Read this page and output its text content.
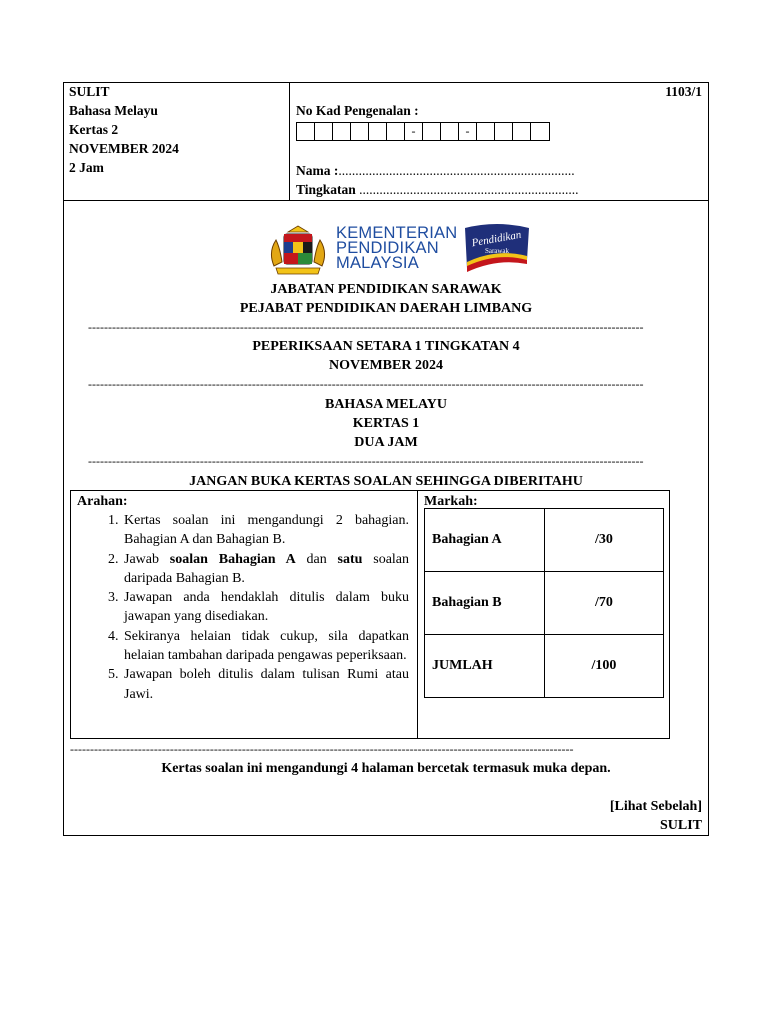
SULIT
Bahasa Melayu
Kertas 2
NOVEMBER 2024
2 Jam
1103/1
No Kad Pengenalan :
-	-
Nama :......................................................................
Tingkatan .................................................................
KEMENTERIAN
PENDIDIKAN
MALAYSIA
Pendidikan
Sarawak
JABATAN PENDIDIKAN SARAWAK
PEJABAT PENDIDIKAN DAERAH LIMBANG
-------------------------------------------------------------------------------------------------------------------------------------------
PEPERIKSAAN SETARA 1 TINGKATAN 4
NOVEMBER 2024
-------------------------------------------------------------------------------------------------------------------------------------------
BAHASA MELAYU
KERTAS 1
DUA JAM
-------------------------------------------------------------------------------------------------------------------------------------------
JANGAN BUKA KERTAS SOALAN SEHINGGA DIBERITAHU
Arahan:
1. Kertas soalan ini mengandungi 2 bahagian. Bahagian A dan Bahagian B.
2. Jawab soalan Bahagian A dan satu soalan daripada Bahagian B.
3. Jawapan anda hendaklah ditulis dalam buku jawapan yang disediakan.
4. Sekiranya helaian tidak cukup, sila dapatkan helaian tambahan daripada pengawas peperiksaan.
5. Jawapan boleh ditulis dalam tulisan Rumi atau Jawi.
Markah:
Bahagian A	/30
Bahagian B	/70
JUMLAH	/100
------------------------------------------------------------------------------------------------------------------------------
Kertas soalan ini mengandungi 4 halaman bercetak termasuk muka depan.
[Lihat Sebelah]
SULIT
